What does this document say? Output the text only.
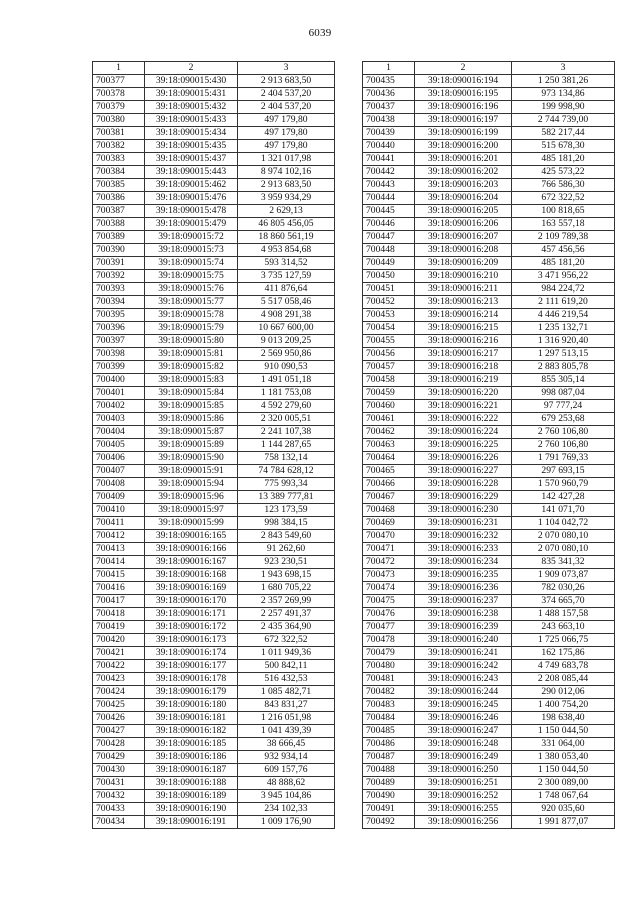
6039
1	2	3
700377	39:18:090015:430	2 913 683,50
700378	39:18:090015:431	2 404 537,20
700379	39:18:090015:432	2 404 537,20
700380	39:18:090015:433	497 179,80
700381	39:18:090015:434	497 179,80
700382	39:18:090015:435	497 179,80
700383	39:18:090015:437	1 321 017,98
700384	39:18:090015:443	8 974 102,16
700385	39:18:090015:462	2 913 683,50
700386	39:18:090015:476	3 959 934,29
700387	39:18:090015:478	2 629,13
700388	39:18:090015:479	46 805 456,05
700389	39:18:090015:72	18 860 561,19
700390	39:18:090015:73	4 953 854,68
700391	39:18:090015:74	593 314,52
700392	39:18:090015:75	3 735 127,59
700393	39:18:090015:76	411 876,64
700394	39:18:090015:77	5 517 058,46
700395	39:18:090015:78	4 908 291,38
700396	39:18:090015:79	10 667 600,00
700397	39:18:090015:80	9 013 209,25
700398	39:18:090015:81	2 569 950,86
700399	39:18:090015:82	910 090,53
700400	39:18:090015:83	1 491 051,18
700401	39:18:090015:84	1 181 753,08
700402	39:18:090015:85	4 592 279,60
700403	39:18:090015:86	2 320 005,51
700404	39:18:090015:87	2 241 107,38
700405	39:18:090015:89	1 144 287,65
700406	39:18:090015:90	758 132,14
700407	39:18:090015:91	74 784 628,12
700408	39:18:090015:94	775 993,34
700409	39:18:090015:96	13 389 777,81
700410	39:18:090015:97	123 173,59
700411	39:18:090015:99	998 384,15
700412	39:18:090016:165	2 843 549,60
700413	39:18:090016:166	91 262,60
700414	39:18:090016:167	923 230,51
700415	39:18:090016:168	1 943 698,15
700416	39:18:090016:169	1 680 705,22
700417	39:18:090016:170	2 357 269,99
700418	39:18:090016:171	2 257 491,37
700419	39:18:090016:172	2 435 364,90
700420	39:18:090016:173	672 322,52
700421	39:18:090016:174	1 011 949,36
700422	39:18:090016:177	500 842,11
700423	39:18:090016:178	516 432,53
700424	39:18:090016:179	1 085 482,71
700425	39:18:090016:180	843 831,27
700426	39:18:090016:181	1 216 051,98
700427	39:18:090016:182	1 041 439,39
700428	39:18:090016:185	38 666,45
700429	39:18:090016:186	932 934,14
700430	39:18:090016:187	609 157,76
700431	39:18:090016:188	48 888,62
700432	39:18:090016:189	3 945 104,86
700433	39:18:090016:190	234 102,33
700434	39:18:090016:191	1 009 176,90
1	2	3
700435	39:18:090016:194	1 250 381,26
700436	39:18:090016:195	973 134,86
700437	39:18:090016:196	199 998,90
700438	39:18:090016:197	2 744 739,00
700439	39:18:090016:199	582 217,44
700440	39:18:090016:200	515 678,30
700441	39:18:090016:201	485 181,20
700442	39:18:090016:202	425 573,22
700443	39:18:090016:203	766 586,30
700444	39:18:090016:204	672 322,52
700445	39:18:090016:205	100 818,65
700446	39:18:090016:206	163 557,18
700447	39:18:090016:207	2 109 789,38
700448	39:18:090016:208	457 456,56
700449	39:18:090016:209	485 181,20
700450	39:18:090016:210	3 471 956,22
700451	39:18:090016:211	984 224,72
700452	39:18:090016:213	2 111 619,20
700453	39:18:090016:214	4 446 219,54
700454	39:18:090016:215	1 235 132,71
700455	39:18:090016:216	1 316 920,40
700456	39:18:090016:217	1 297 513,15
700457	39:18:090016:218	2 883 805,78
700458	39:18:090016:219	855 305,14
700459	39:18:090016:220	998 087,04
700460	39:18:090016:221	97 777,24
700461	39:18:090016:222	679 253,68
700462	39:18:090016:224	2 760 106,80
700463	39:18:090016:225	2 760 106,80
700464	39:18:090016:226	1 791 769,33
700465	39:18:090016:227	297 693,15
700466	39:18:090016:228	1 570 960,79
700467	39:18:090016:229	142 427,28
700468	39:18:090016:230	141 071,70
700469	39:18:090016:231	1 104 042,72
700470	39:18:090016:232	2 070 080,10
700471	39:18:090016:233	2 070 080,10
700472	39:18:090016:234	835 341,32
700473	39:18:090016:235	1 909 073,87
700474	39:18:090016:236	782 030,26
700475	39:18:090016:237	374 665,70
700476	39:18:090016:238	1 488 157,58
700477	39:18:090016:239	243 663,10
700478	39:18:090016:240	1 725 066,75
700479	39:18:090016:241	162 175,86
700480	39:18:090016:242	4 749 683,78
700481	39:18:090016:243	2 208 085,44
700482	39:18:090016:244	290 012,06
700483	39:18:090016:245	1 400 754,20
700484	39:18:090016:246	198 638,40
700485	39:18:090016:247	1 150 044,50
700486	39:18:090016:248	331 064,00
700487	39:18:090016:249	1 380 053,40
700488	39:18:090016:250	1 150 044,50
700489	39:18:090016:251	2 300 089,00
700490	39:18:090016:252	1 748 067,64
700491	39:18:090016:255	920 035,60
700492	39:18:090016:256	1 991 877,07
